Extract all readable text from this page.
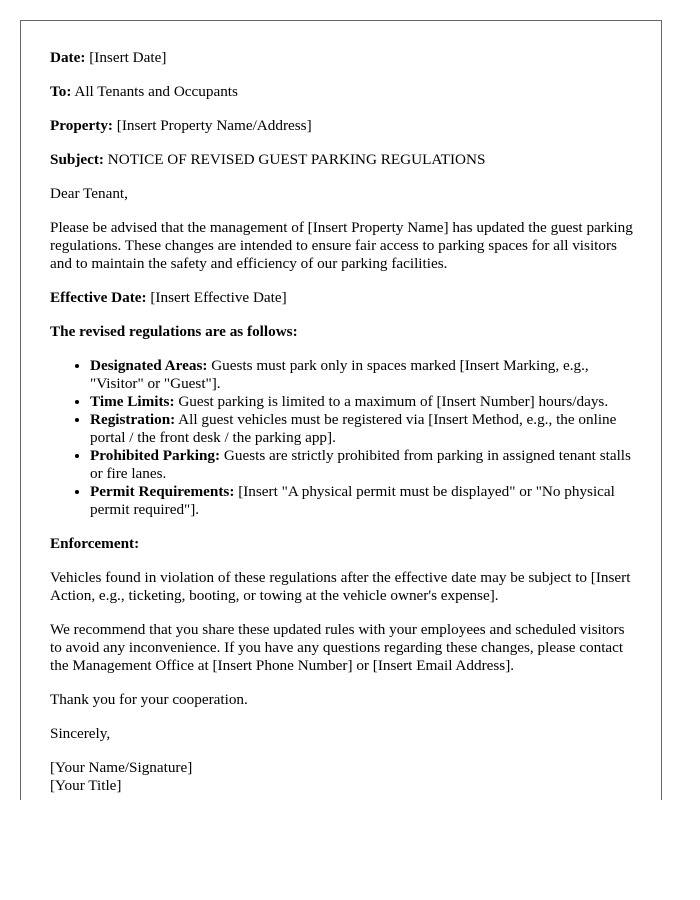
Date: [Insert Date]

To: All Tenants and Occupants

Property: [Insert Property Name/Address]

Subject: NOTICE OF REVISED GUEST PARKING REGULATIONS

Dear Tenant,

Please be advised that the management of [Insert Property Name] has updated the guest parking regulations. These changes are intended to ensure fair access to parking spaces for all visitors and to maintain the safety and efficiency of our parking facilities.

Effective Date: [Insert Effective Date]

The revised regulations are as follows:

• Designated Areas: Guests must park only in spaces marked [Insert Marking, e.g., "Visitor" or "Guest"].
• Time Limits: Guest parking is limited to a maximum of [Insert Number] hours/days.
• Registration: All guest vehicles must be registered via [Insert Method, e.g., the online portal / the front desk / the parking app].
• Prohibited Parking: Guests are strictly prohibited from parking in assigned tenant stalls or fire lanes.
• Permit Requirements: [Insert "A physical permit must be displayed" or "No physical permit required"].

Enforcement:

Vehicles found in violation of these regulations after the effective date may be subject to [Insert Action, e.g., ticketing, booting, or towing at the vehicle owner's expense].

We recommend that you share these updated rules with your employees and scheduled visitors to avoid any inconvenience. If you have any questions regarding these changes, please contact the Management Office at [Insert Phone Number] or [Insert Email Address].

Thank you for your cooperation.

Sincerely,

[Your Name/Signature]

[Your Title]
